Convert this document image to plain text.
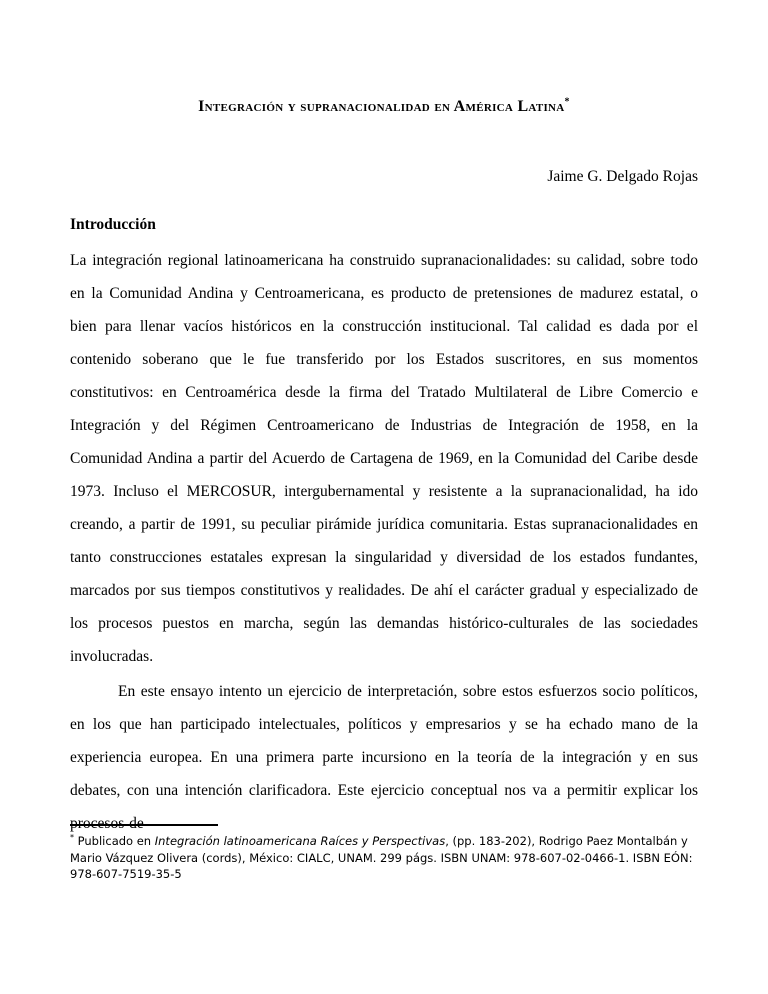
Integración y supranacionalidad en América Latina*
Jaime G. Delgado Rojas
Introducción

La integración regional latinoamericana ha construido supranacionalidades: su calidad, sobre todo en la Comunidad Andina y Centroamericana, es producto de pretensiones de madurez estatal, o bien para llenar vacíos históricos en la construcción institucional. Tal calidad es dada por el contenido soberano que le fue transferido por los Estados suscritores, en sus momentos constitutivos: en Centroamérica desde la firma del Tratado Multilateral de Libre Comercio e Integración y del Régimen Centroamericano de Industrias de Integración de 1958, en la Comunidad Andina a partir del Acuerdo de Cartagena de 1969, en la Comunidad del Caribe desde 1973. Incluso el MERCOSUR, intergubernamental y resistente a la supranacionalidad, ha ido creando, a partir de 1991, su peculiar pirámide jurídica comunitaria. Estas supranacionalidades en tanto construcciones estatales expresan la singularidad y diversidad de los estados fundantes, marcados por sus tiempos constitutivos y realidades. De ahí el carácter gradual y especializado de los procesos puestos en marcha, según las demandas histórico-culturales de las sociedades involucradas.

En este ensayo intento un ejercicio de interpretación, sobre estos esfuerzos socio políticos, en los que han participado intelectuales, políticos y empresarios y se ha echado mano de la experiencia europea. En una primera parte incursiono en la teoría de la integración y en sus debates, con una intención clarificadora. Este ejercicio conceptual nos va a permitir explicar los procesos de

* Publicado en Integración latinoamericana Raíces y Perspectivas, (pp. 183-202), Rodrigo Paez Montalbán y Mario Vázquez Olivera (cords), México: CIALC, UNAM. 299 págs. ISBN UNAM: 978-607-02-0466-1. ISBN EÓN: 978-607-7519-35-5
